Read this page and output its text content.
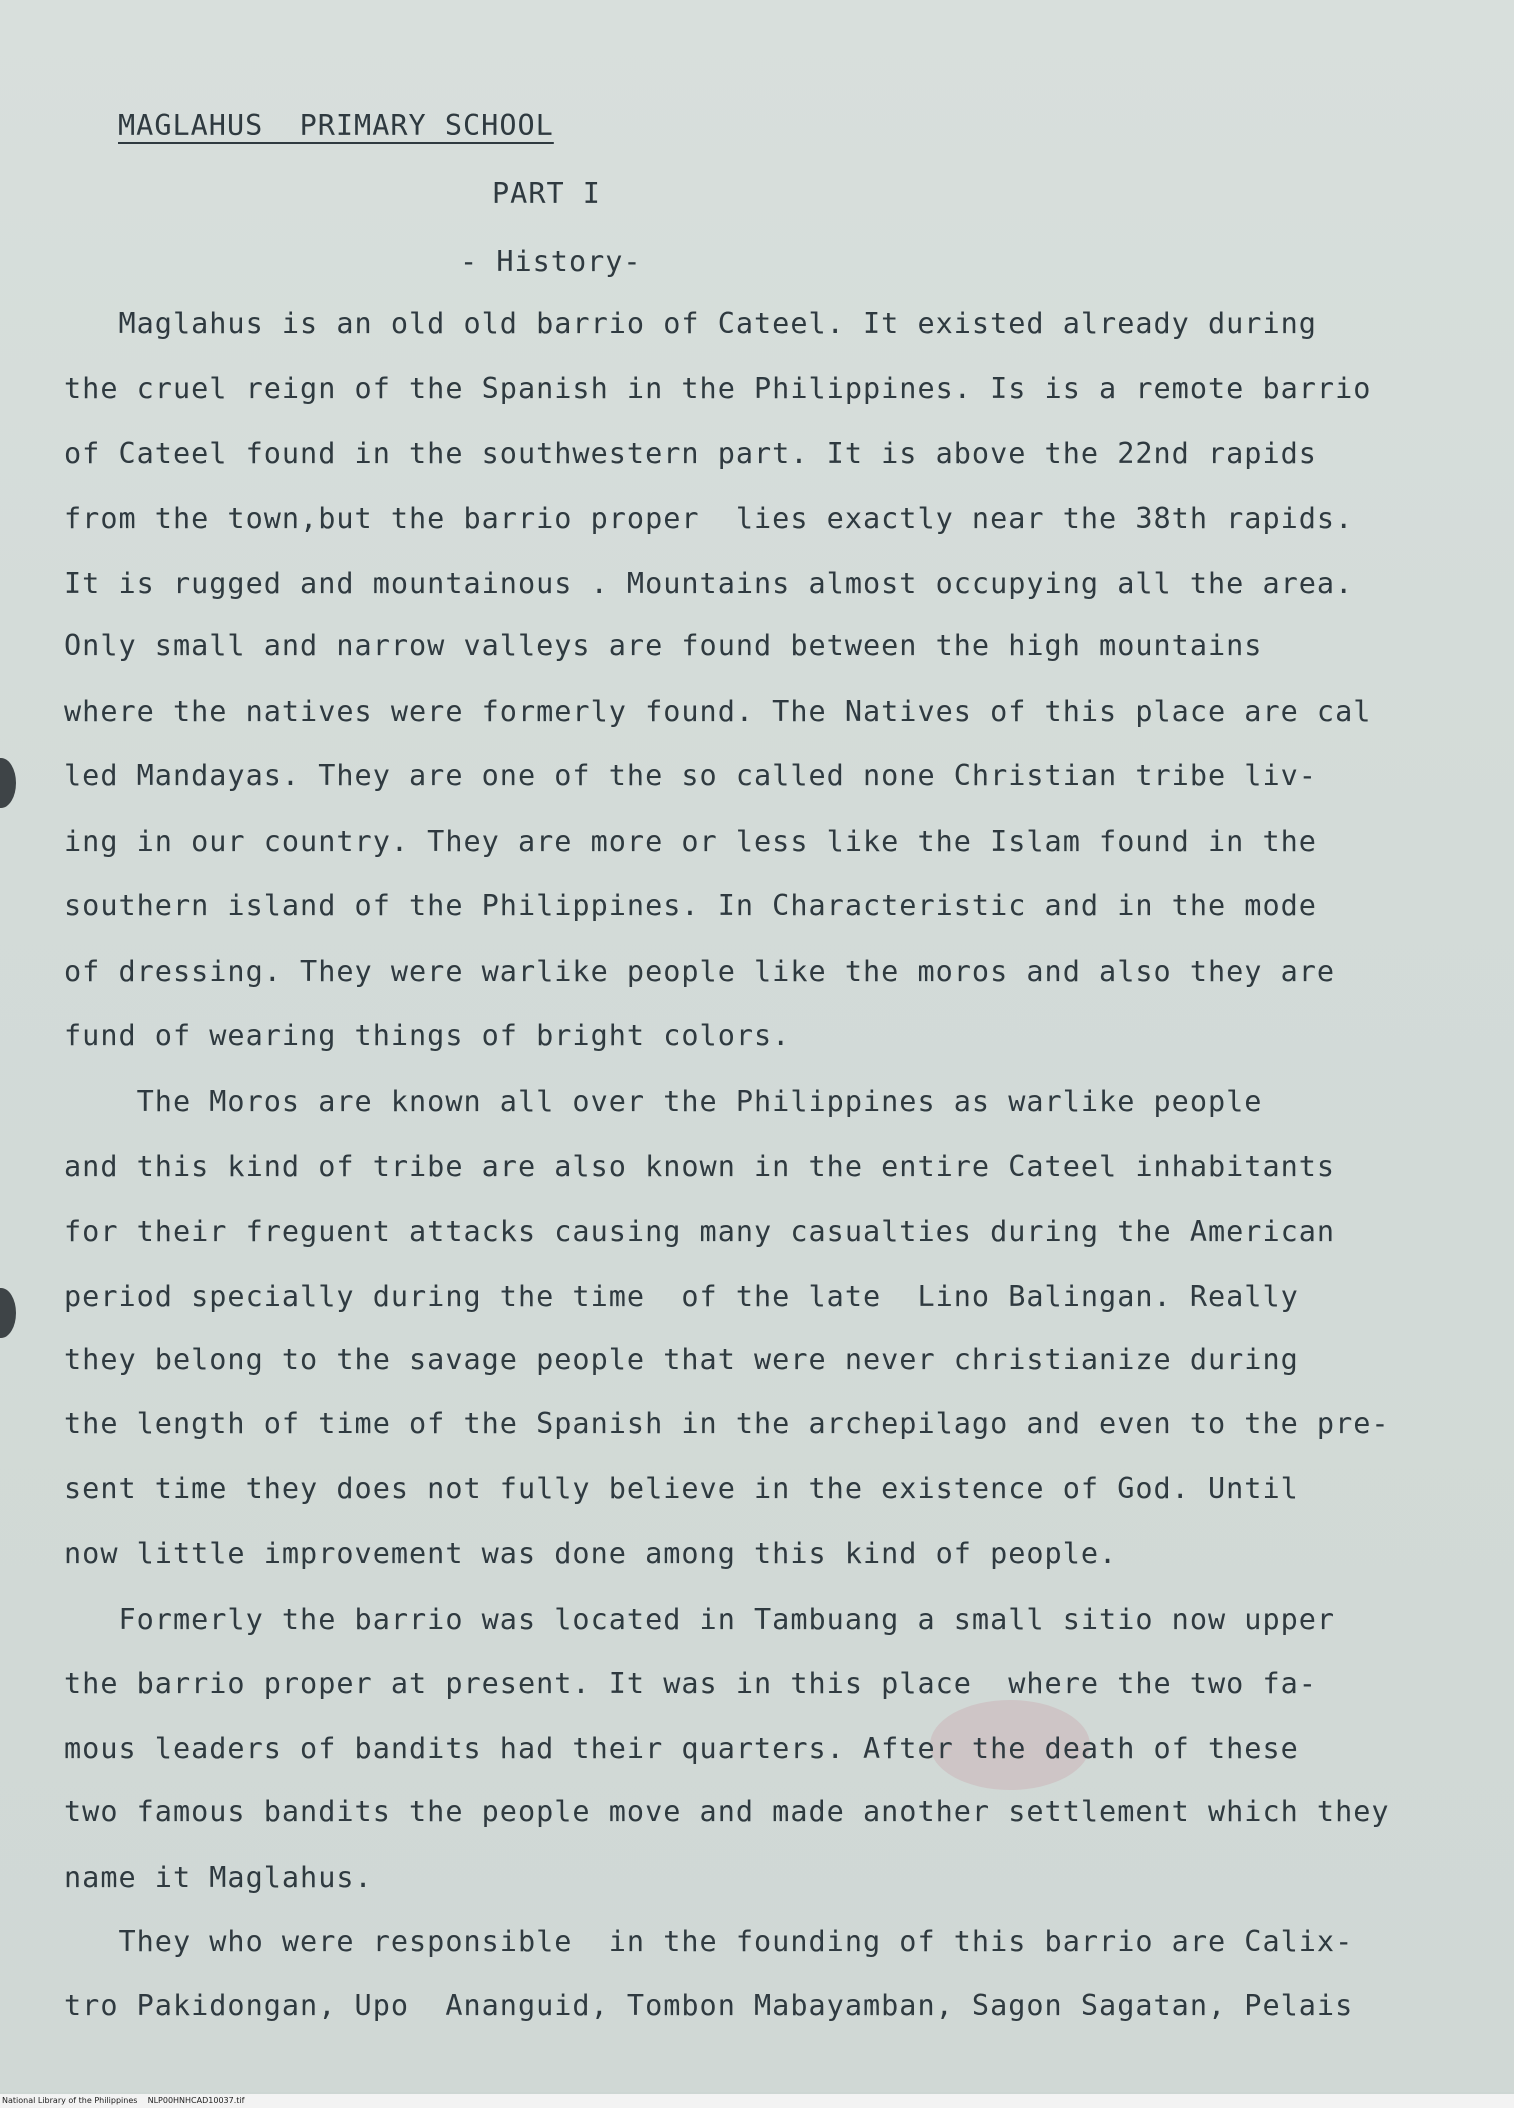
MAGLAHUS  PRIMARY SCHOOL
PART I
- History-
Maglahus is an old old barrio of Cateel. It existed already during
the cruel reign of the Spanish in the Philippines. Is is a remote barrio
of Cateel found in the southwestern part. It is above the 22nd rapids
from the town,but the barrio proper  lies exactly near the 38th rapids.
It is rugged and mountainous . Mountains almost occupying all the area.
Only small and narrow valleys are found between the high mountains
where the natives were formerly found. The Natives of this place are cal
led Mandayas. They are one of the so called none Christian tribe liv-
ing in our country. They are more or less like the Islam found in the
southern island of the Philippines. In Characteristic and in the mode
of dressing. They were warlike people like the moros and also they are
fund of wearing things of bright colors.
The Moros are known all over the Philippines as warlike people
and this kind of tribe are also known in the entire Cateel inhabitants
for their freguent attacks causing many casualties during the American
period specially during the time  of the late  Lino Balingan. Really
they belong to the savage people that were never christianize during
the length of time of the Spanish in the archepilago and even to the pre-
sent time they does not fully believe in the existence of God. Until
now little improvement was done among this kind of people.
Formerly the barrio was located in Tambuang a small sitio now upper
the barrio proper at present. It was in this place  where the two fa-
mous leaders of bandits had their quarters. After the death of these
two famous bandits the people move and made another settlement which they
name it Maglahus.
They who were responsible  in the founding of this barrio are Calix-
tro Pakidongan, Upo  Ananguid, Tombon Mabayamban, Sagon Sagatan, Pelais
National Library of the Philippines    NLP00HNHCAD10037.tif
